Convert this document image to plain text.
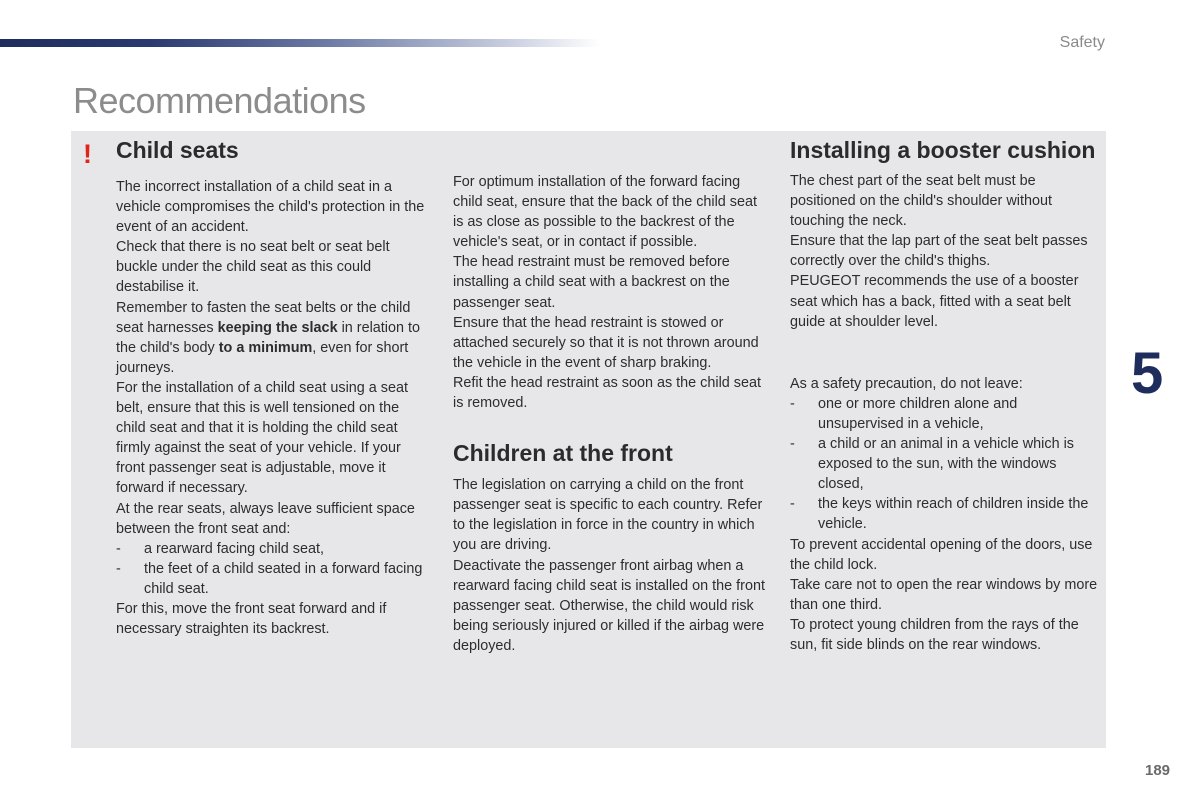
Safety
Recommendations
! Child seats

The incorrect installation of a child seat in a vehicle compromises the child's protection in the event of an accident.

Check that there is no seat belt or seat belt buckle under the child seat as this could destabilise it.

Remember to fasten the seat belts or the child seat harnesses keeping the slack in relation to the child's body to a minimum, even for short journeys.

For the installation of a child seat using a seat belt, ensure that this is well tensioned on the child seat and that it is holding the child seat firmly against the seat of your vehicle. If your front passenger seat is adjustable, move it forward if necessary.

At the rear seats, always leave sufficient space between the front seat and:

- a rearward facing child seat,
- the feet of a child seated in a forward facing child seat.

For this, move the front seat forward and if necessary straighten its backrest.

For optimum installation of the forward facing child seat, ensure that the back of the child seat is as close as possible to the backrest of the vehicle's seat, or in contact if possible.

The head restraint must be removed before installing a child seat with a backrest on the passenger seat.

Ensure that the head restraint is stowed or attached securely so that it is not thrown around the vehicle in the event of sharp braking.

Refit the head restraint as soon as the child seat is removed.

Children at the front

The legislation on carrying a child on the front passenger seat is specific to each country. Refer to the legislation in force in the country in which you are driving.

Deactivate the passenger front airbag when a rearward facing child seat is installed on the front passenger seat. Otherwise, the child would risk being seriously injured or killed if the airbag were deployed.

Installing a booster cushion

The chest part of the seat belt must be positioned on the child's shoulder without touching the neck.

Ensure that the lap part of the seat belt passes correctly over the child's thighs.

PEUGEOT recommends the use of a booster seat which has a back, fitted with a seat belt guide at shoulder level.

As a safety precaution, do not leave:

- one or more children alone and unsupervised in a vehicle,
- a child or an animal in a vehicle which is exposed to the sun, with the windows closed,
- the keys within reach of children inside the vehicle.

To prevent accidental opening of the doors, use the child lock.

Take care not to open the rear windows by more than one third.

To protect young children from the rays of the sun, fit side blinds on the rear windows.

5
189
